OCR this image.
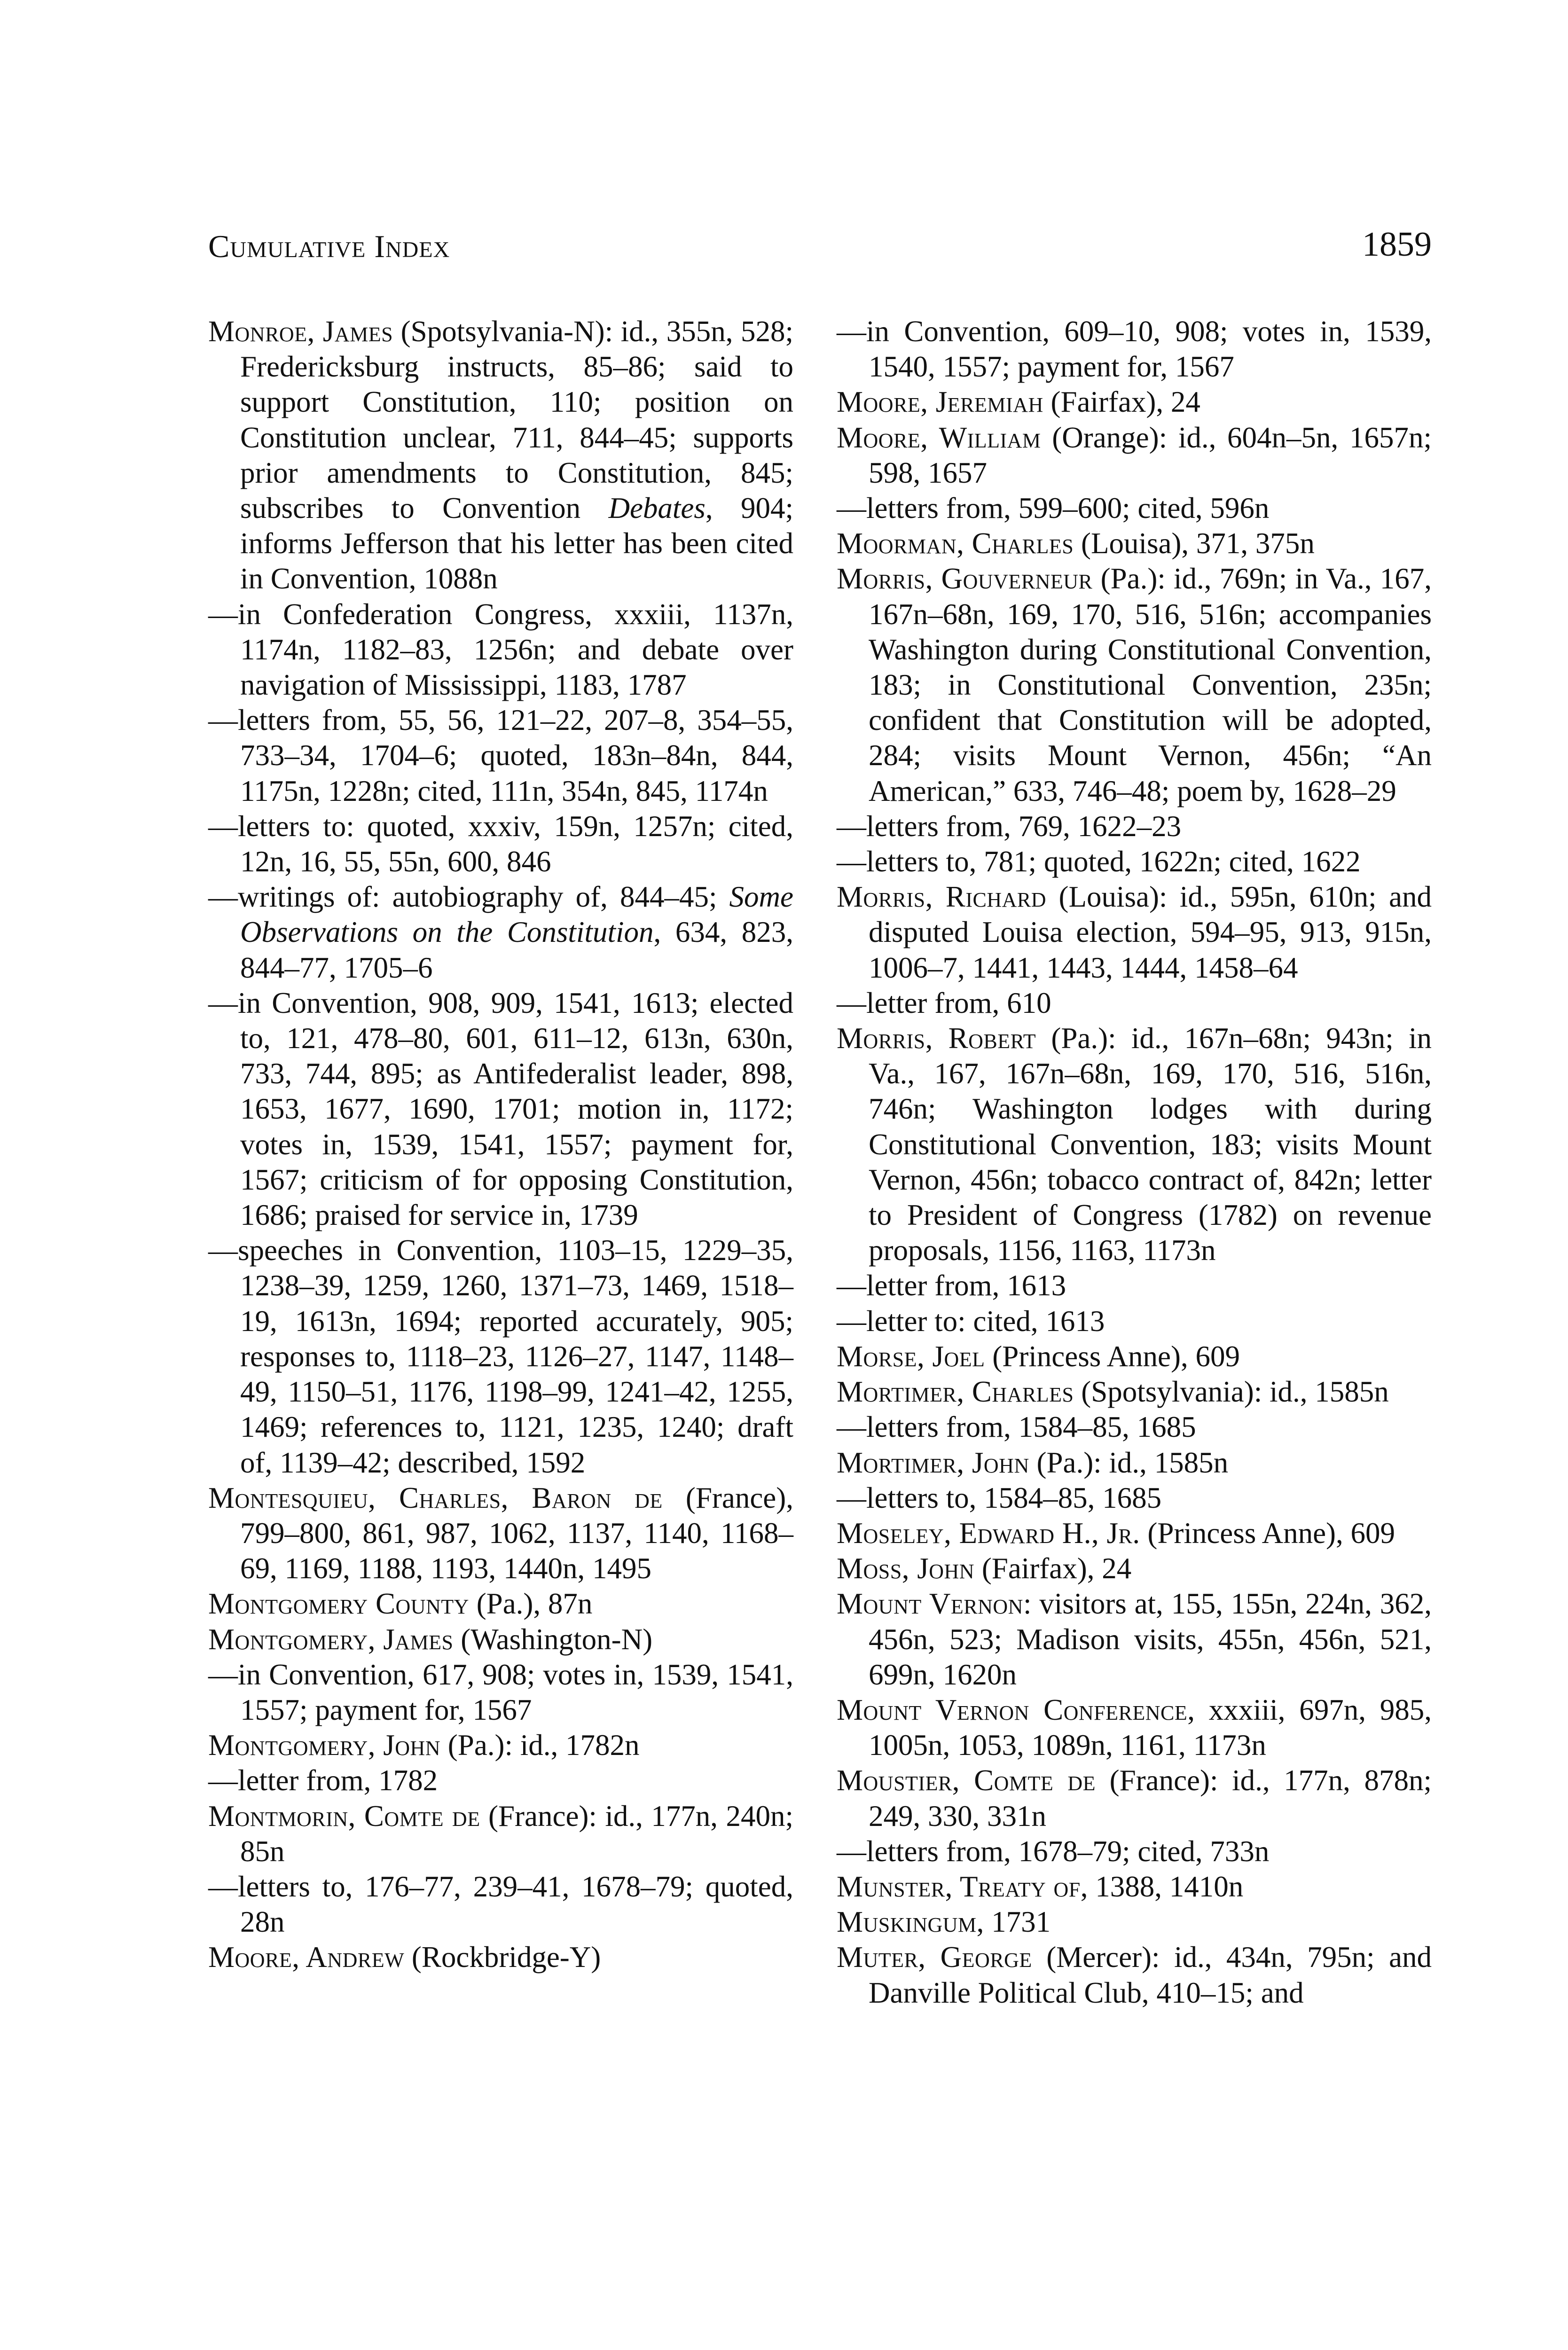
Cumulative Index	1859

Monroe, James (Spotsylvania-N): id., 355n, 528; Fredericksburg instructs, 85–86; said to support Constitution, 110; position on Constitution unclear, 711, 844–45; supports prior amendments to Constitution, 845; subscribes to Convention Debates, 904; informs Jefferson that his letter has been cited in Convention, 1088n

—in Confederation Congress, xxxiii, 1137n, 1174n, 1182–83, 1256n; and debate over navigation of Mississippi, 1183, 1787

—letters from, 55, 56, 121–22, 207–8, 354–55, 733–34, 1704–6; quoted, 183n–84n, 844, 1175n, 1228n; cited, 111n, 354n, 845, 1174n

—letters to: quoted, xxxiv, 159n, 1257n; cited, 12n, 16, 55, 55n, 600, 846

—writings of: autobiography of, 844–45; Some Observations on the Constitution, 634, 823, 844–77, 1705–6

—in Convention, 908, 909, 1541, 1613; elected to, 121, 478–80, 601, 611–12, 613n, 630n, 733, 744, 895; as Antifederalist leader, 898, 1653, 1677, 1690, 1701; motion in, 1172; votes in, 1539, 1541, 1557; payment for, 1567; criticism of for opposing Constitution, 1686; praised for service in, 1739

—speeches in Convention, 1103–15, 1229–35, 1238–39, 1259, 1260, 1371–73, 1469, 1518–19, 1613n, 1694; reported accurately, 905; responses to, 1118–23, 1126–27, 1147, 1148–49, 1150–51, 1176, 1198–99, 1241–42, 1255, 1469; references to, 1121, 1235, 1240; draft of, 1139–42; described, 1592

Montesquieu, Charles, Baron de (France), 799–800, 861, 987, 1062, 1137, 1140, 1168–69, 1169, 1188, 1193, 1440n, 1495

Montgomery County (Pa.), 87n

Montgomery, James (Washington-N)

—in Convention, 617, 908; votes in, 1539, 1541, 1557; payment for, 1567

Montgomery, John (Pa.): id., 1782n

—letter from, 1782

Montmorin, Comte de (France): id., 177n, 240n; 85n

—letters to, 176–77, 239–41, 1678–79; quoted, 28n

Moore, Andrew (Rockbridge-Y)

—in Convention, 609–10, 908; votes in, 1539, 1540, 1557; payment for, 1567

Moore, Jeremiah (Fairfax), 24

Moore, William (Orange): id., 604n–5n, 1657n; 598, 1657

—letters from, 599–600; cited, 596n

Moorman, Charles (Louisa), 371, 375n

Morris, Gouverneur (Pa.): id., 769n; in Va., 167, 167n–68n, 169, 170, 516, 516n; accompanies Washington during Constitutional Convention, 183; in Constitutional Convention, 235n; confident that Constitution will be adopted, 284; visits Mount Vernon, 456n; “An American,” 633, 746–48; poem by, 1628–29

—letters from, 769, 1622–23

—letters to, 781; quoted, 1622n; cited, 1622

Morris, Richard (Louisa): id., 595n, 610n; and disputed Louisa election, 594–95, 913, 915n, 1006–7, 1441, 1443, 1444, 1458–64

—letter from, 610

Morris, Robert (Pa.): id., 167n–68n; 943n; in Va., 167, 167n–68n, 169, 170, 516, 516n, 746n; Washington lodges with during Constitutional Convention, 183; visits Mount Vernon, 456n; tobacco contract of, 842n; letter to President of Congress (1782) on revenue proposals, 1156, 1163, 1173n

—letter from, 1613

—letter to: cited, 1613

Morse, Joel (Princess Anne), 609

Mortimer, Charles (Spotsylvania): id., 1585n

—letters from, 1584–85, 1685

Mortimer, John (Pa.): id., 1585n

—letters to, 1584–85, 1685

Moseley, Edward H., Jr. (Princess Anne), 609

Moss, John (Fairfax), 24

Mount Vernon: visitors at, 155, 155n, 224n, 362, 456n, 523; Madison visits, 455n, 456n, 521, 699n, 1620n

Mount Vernon Conference, xxxiii, 697n, 985, 1005n, 1053, 1089n, 1161, 1173n

Moustier, Comte de (France): id., 177n, 878n; 249, 330, 331n

—letters from, 1678–79; cited, 733n

Munster, Treaty of, 1388, 1410n

Muskingum, 1731

Muter, George (Mercer): id., 434n, 795n; and Danville Political Club, 410–15; and
